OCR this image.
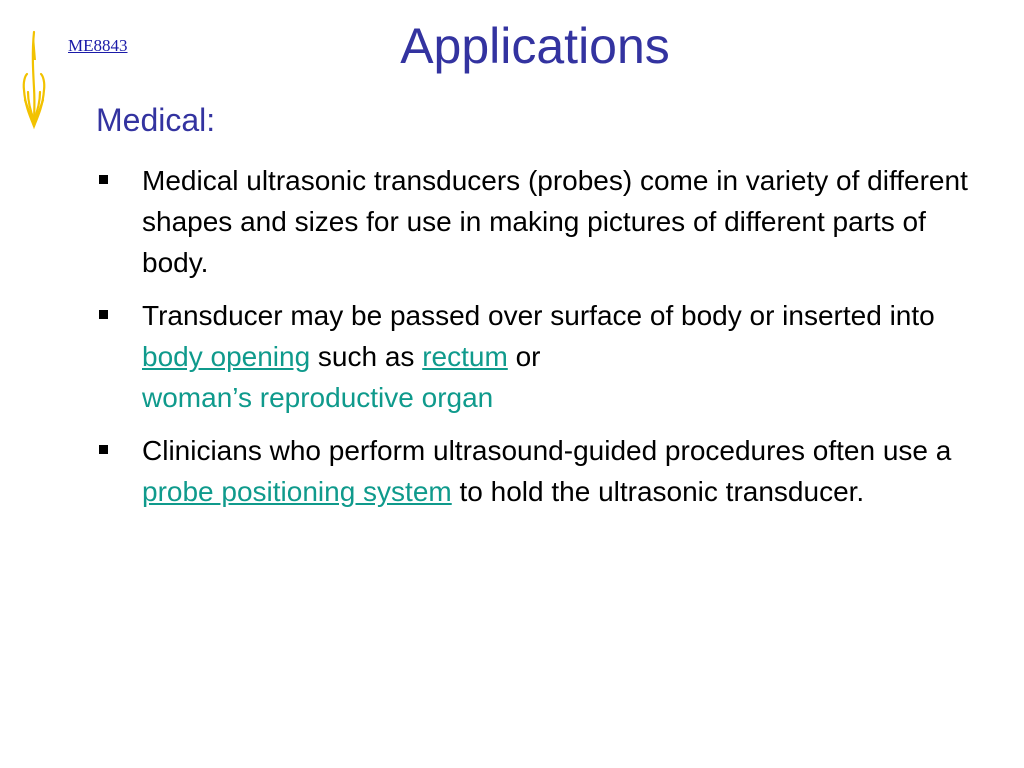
ME8843	Applications
Medical:
Medical ultrasonic transducers (probes) come in variety of different shapes and sizes for use in making pictures of different parts of body.
Transducer may be passed over surface of body or inserted into body opening such as rectum or
woman’s reproductive organ
Clinicians who perform ultrasound-guided procedures often use a probe positioning system to hold the ultrasonic transducer.
